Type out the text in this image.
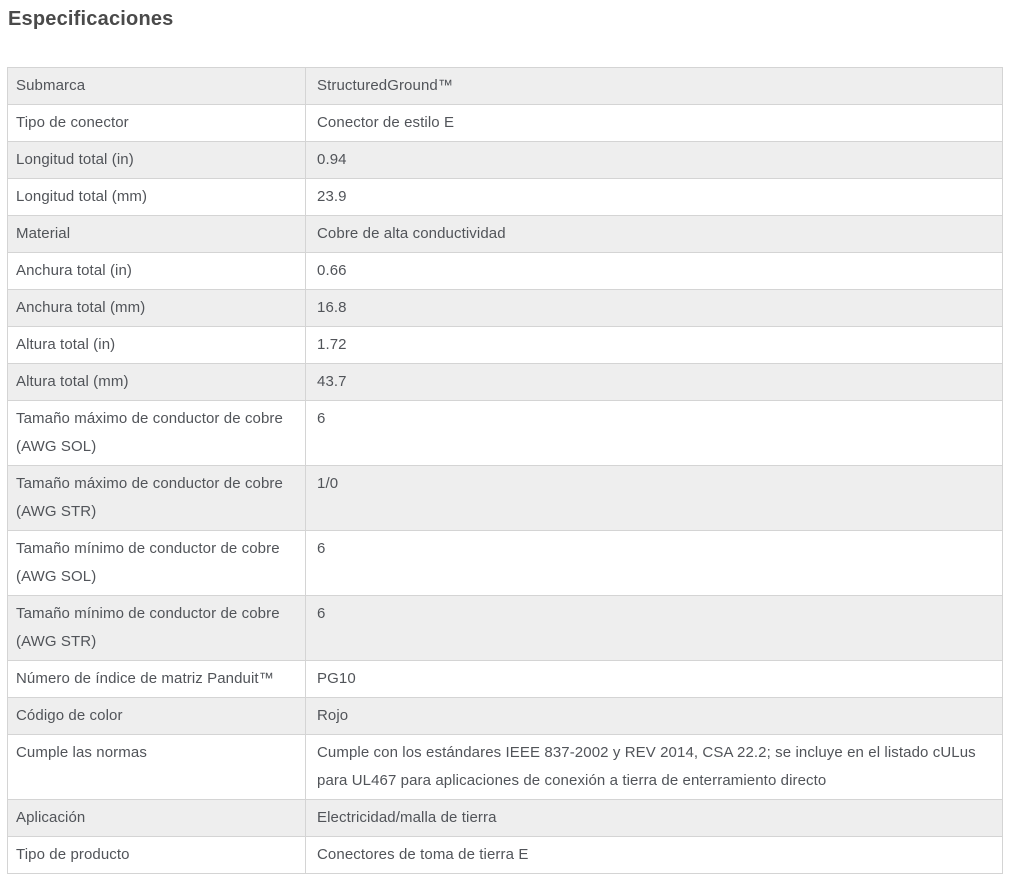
Especificaciones
Submarca	StructuredGround™
Tipo de conector	Conector de estilo E
Longitud total (in)	0.94
Longitud total (mm)	23.9
Material	Cobre de alta conductividad
Anchura total (in)	0.66
Anchura total (mm)	16.8
Altura total (in)	1.72
Altura total (mm)	43.7
Tamaño máximo de conductor de cobre (AWG SOL)	6
Tamaño máximo de conductor de cobre (AWG STR)	1/0
Tamaño mínimo de conductor de cobre (AWG SOL)	6
Tamaño mínimo de conductor de cobre (AWG STR)	6
Número de índice de matriz Panduit™	PG10
Código de color	Rojo
Cumple las normas	Cumple con los estándares IEEE 837-2002 y REV 2014, CSA 22.2; se incluye en el listado cULus para UL467 para aplicaciones de conexión a tierra de enterramiento directo
Aplicación	Electricidad/malla de tierra
Tipo de producto	Conectores de toma de tierra E
